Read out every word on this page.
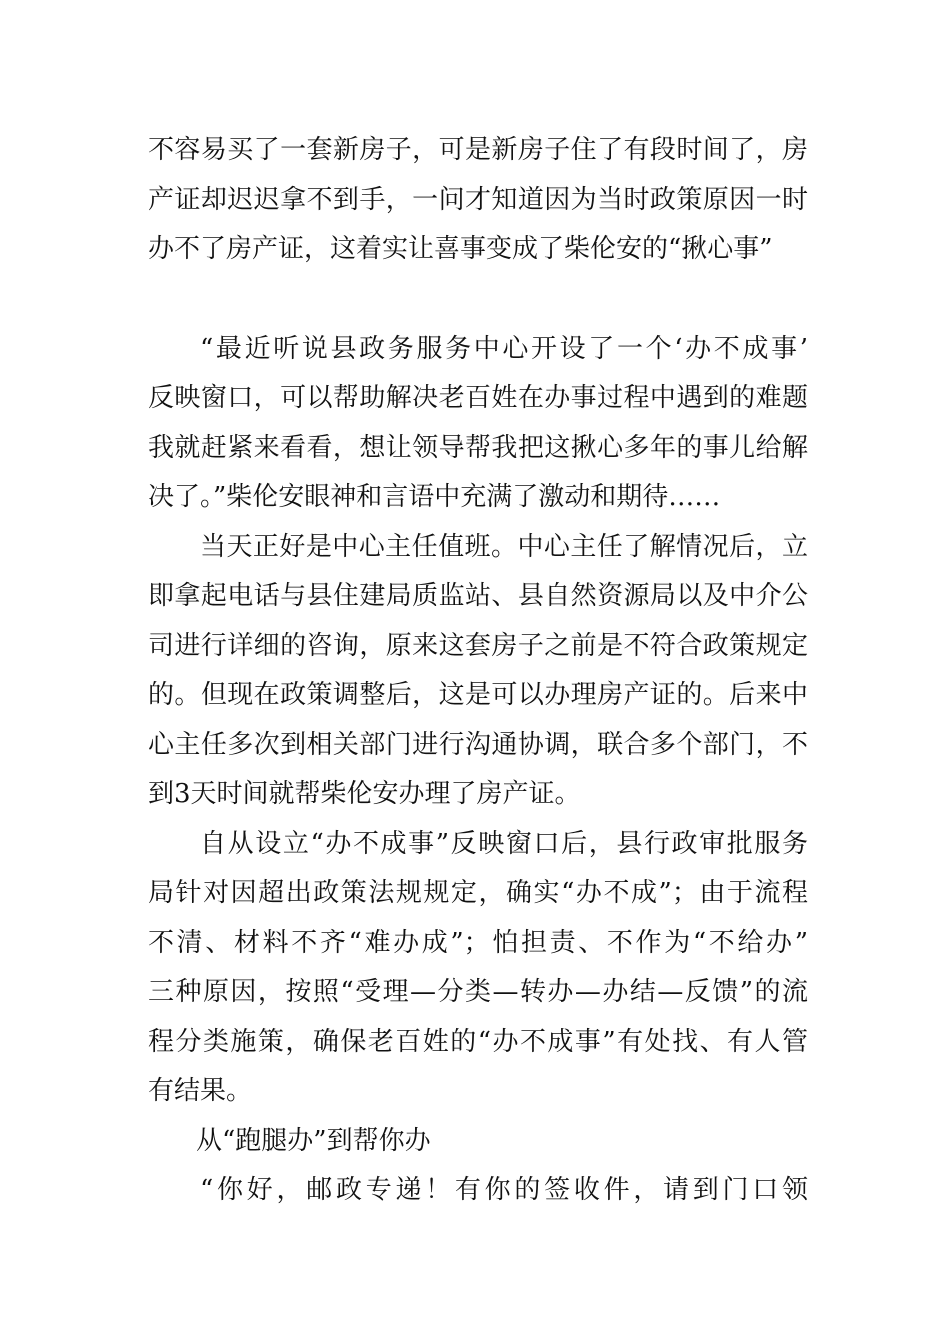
不容易买了一套新房子，可是新房子住了有段时间了，房
产证却迟迟拿不到手，一问才知道因为当时政策原因一时
办不了房产证，这着实让喜事变成了柴伦安的“揪心事”
“最近听说县政务服务中心开设了一个‘办不成事’
反映窗口，可以帮助解决老百姓在办事过程中遇到的难题
我就赶紧来看看，想让领导帮我把这揪心多年的事儿给解
决了。”柴伦安眼神和言语中充满了激动和期待……
当天正好是中心主任值班。中心主任了解情况后，立
即拿起电话与县住建局质监站、县自然资源局以及中介公
司进行详细的咨询，原来这套房子之前是不符合政策规定
的。但现在政策调整后，这是可以办理房产证的。后来中
心主任多次到相关部门进行沟通协调，联合多个部门，不
到3天时间就帮柴伦安办理了房产证。
自从设立“办不成事”反映窗口后，县行政审批服务
局针对因超出政策法规规定，确实“办不成”；由于流程
不清、材料不齐“难办成”；怕担责、不作为“不给办”
三种原因，按照“受理—分类—转办—办结—反馈”的流
程分类施策，确保老百姓的“办不成事”有处找、有人管
有结果。
从“跑腿办”到帮你办
“你好，邮政专递！有你的签收件，请到门口领
